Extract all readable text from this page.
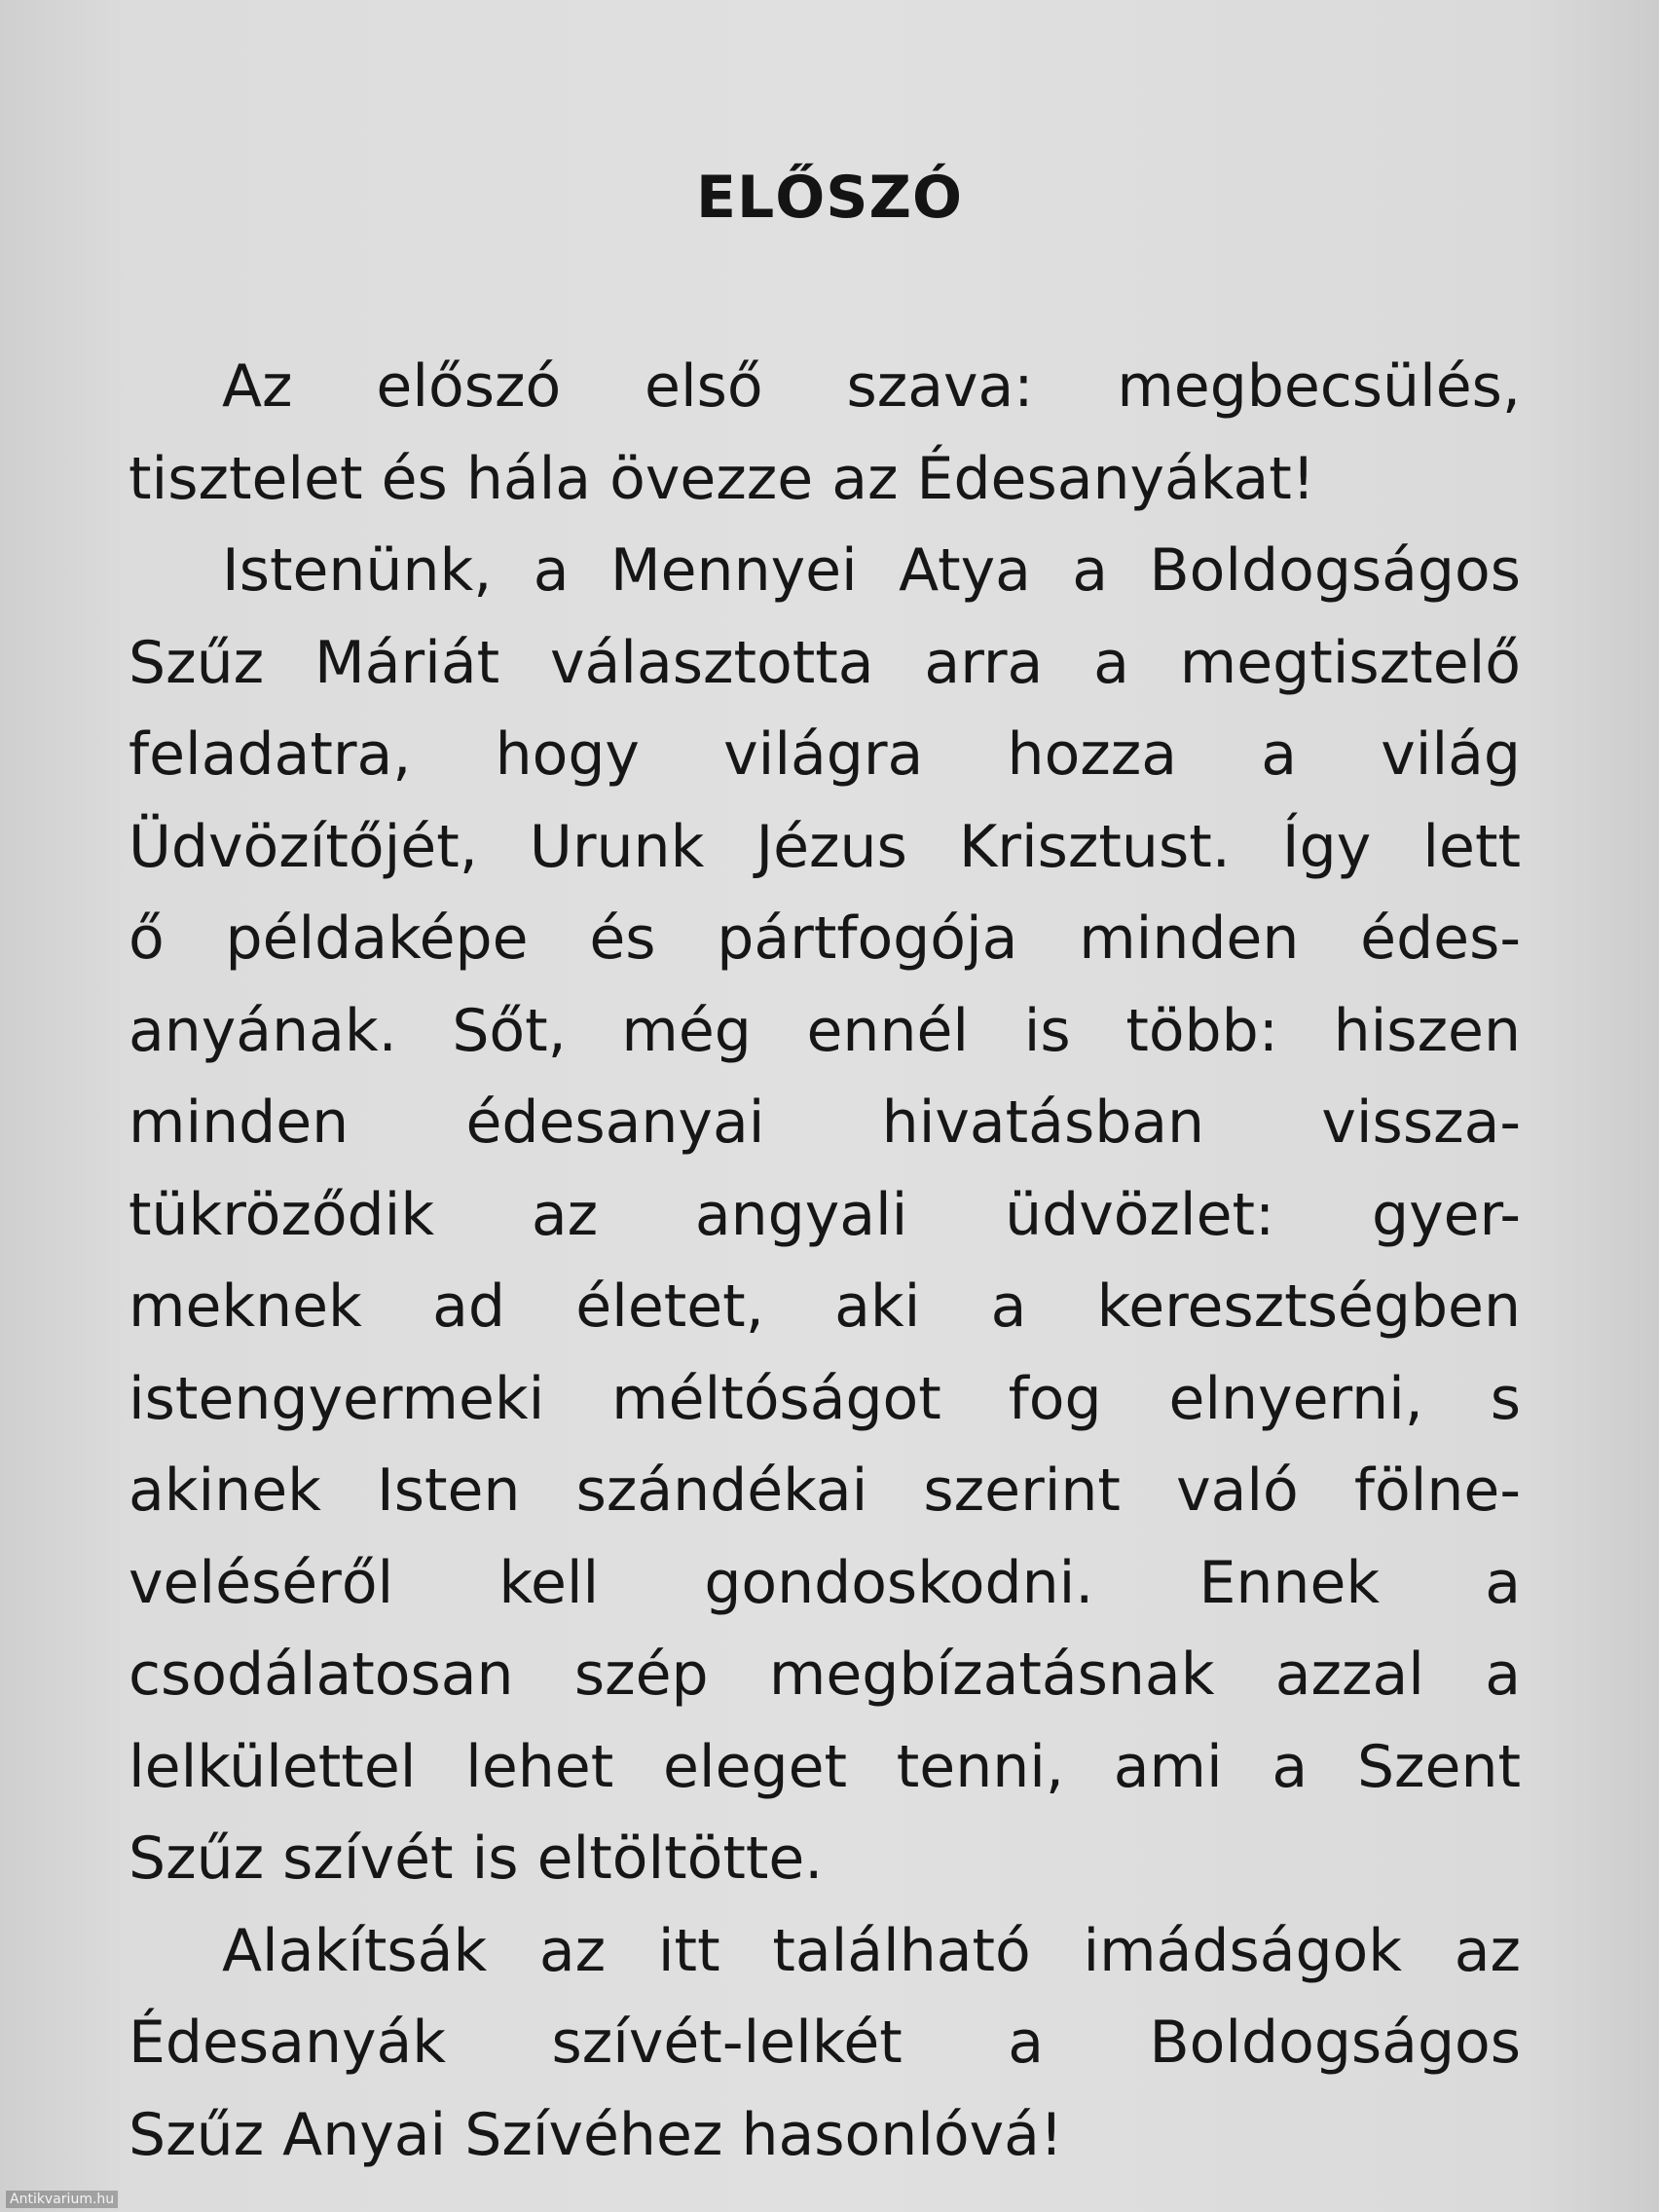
ELŐSZÓ
Az előszó első szava: megbecsülés,
tisztelet és hála övezze az Édesanyákat!
Istenünk, a Mennyei Atya a Boldogságos
Szűz Máriát választotta arra a megtisztelő
feladatra, hogy világra hozza a világ
Üdvözítőjét, Urunk Jézus Krisztust. Így lett
ő példaképe és pártfogója minden édes-
anyának. Sőt, még ennél is több: hiszen
minden édesanyai hivatásban vissza-
tükröződik az angyali üdvözlet: gyer-
meknek ad életet, aki a keresztségben
istengyermeki méltóságot fog elnyerni, s
akinek Isten szándékai szerint való fölne-
veléséről kell gondoskodni. Ennek a
csodálatosan szép megbízatásnak azzal a
lelkülettel lehet eleget tenni, ami a Szent
Szűz szívét is eltöltötte.
Alakítsák az itt található imádságok az
Édesanyák szívét-lelkét a Boldogságos
Szűz Anyai Szívéhez hasonlóvá!
Antikvarium.hu
